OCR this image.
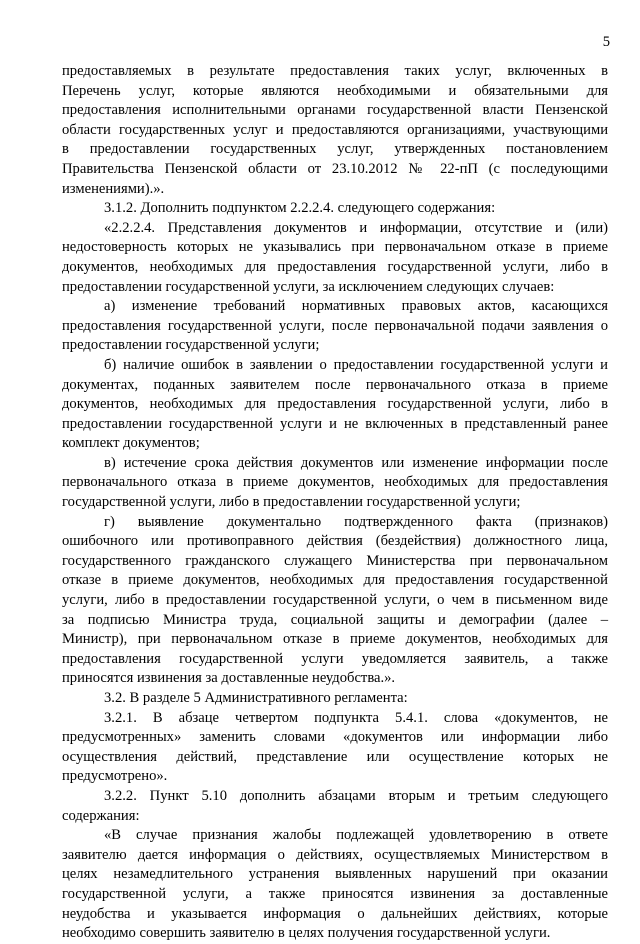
5
предоставляемых в результате предоставления таких услуг, включенных в
Перечень услуг, которые являются необходимыми и обязательными для
предоставления исполнительными органами государственной власти Пензенской
области государственных услуг и предоставляются организациями, участвующими
в предоставлении государственных услуг, утвержденных постановлением
Правительства Пензенской области от 23.10.2012 № 22-пП (с последующими
изменениями).».
3.1.2. Дополнить подпунктом 2.2.2.4. следующего содержания:
«2.2.2.4. Представления документов и информации, отсутствие и (или)
недостоверность которых не указывались при первоначальном отказе в приеме
документов, необходимых для предоставления государственной услуги, либо в
предоставлении государственной услуги, за исключением следующих случаев:
а) изменение требований нормативных правовых актов, касающихся
предоставления государственной услуги, после первоначальной подачи заявления о
предоставлении государственной услуги;
б) наличие ошибок в заявлении о предоставлении государственной услуги и
документах, поданных заявителем после первоначального отказа в приеме
документов, необходимых для предоставления государственной услуги, либо в
предоставлении государственной услуги и не включенных в представленный ранее
комплект документов;
в) истечение срока действия документов или изменение информации после
первоначального отказа в приеме документов, необходимых для предоставления
государственной услуги, либо в предоставлении государственной услуги;
г) выявление документально подтвержденного факта (признаков)
ошибочного или противоправного действия (бездействия) должностного лица,
государственного гражданского служащего Министерства при первоначальном
отказе в приеме документов, необходимых для предоставления государственной
услуги, либо в предоставлении государственной услуги, о чем в письменном виде
за подписью Министра труда, социальной защиты и демографии (далее –
Министр), при первоначальном отказе в приеме документов, необходимых для
предоставления государственной услуги уведомляется заявитель, а также
приносятся извинения за доставленные неудобства.».
3.2. В разделе 5 Административного регламента:
3.2.1. В абзаце четвертом подпункта 5.4.1. слова «документов, не
предусмотренных» заменить словами «документов или информации либо
осуществления действий, представление или осуществление которых не
предусмотрено».
3.2.2. Пункт 5.10 дополнить абзацами вторым и третьим следующего
содержания:
«В случае признания жалобы подлежащей удовлетворению в ответе
заявителю дается информация о действиях, осуществляемых Министерством в
целях незамедлительного устранения выявленных нарушений при оказании
государственной услуги, а также приносятся извинения за доставленные
неудобства и указывается информация о дальнейших действиях, которые
необходимо совершить заявителю в целях получения государственной услуги.
